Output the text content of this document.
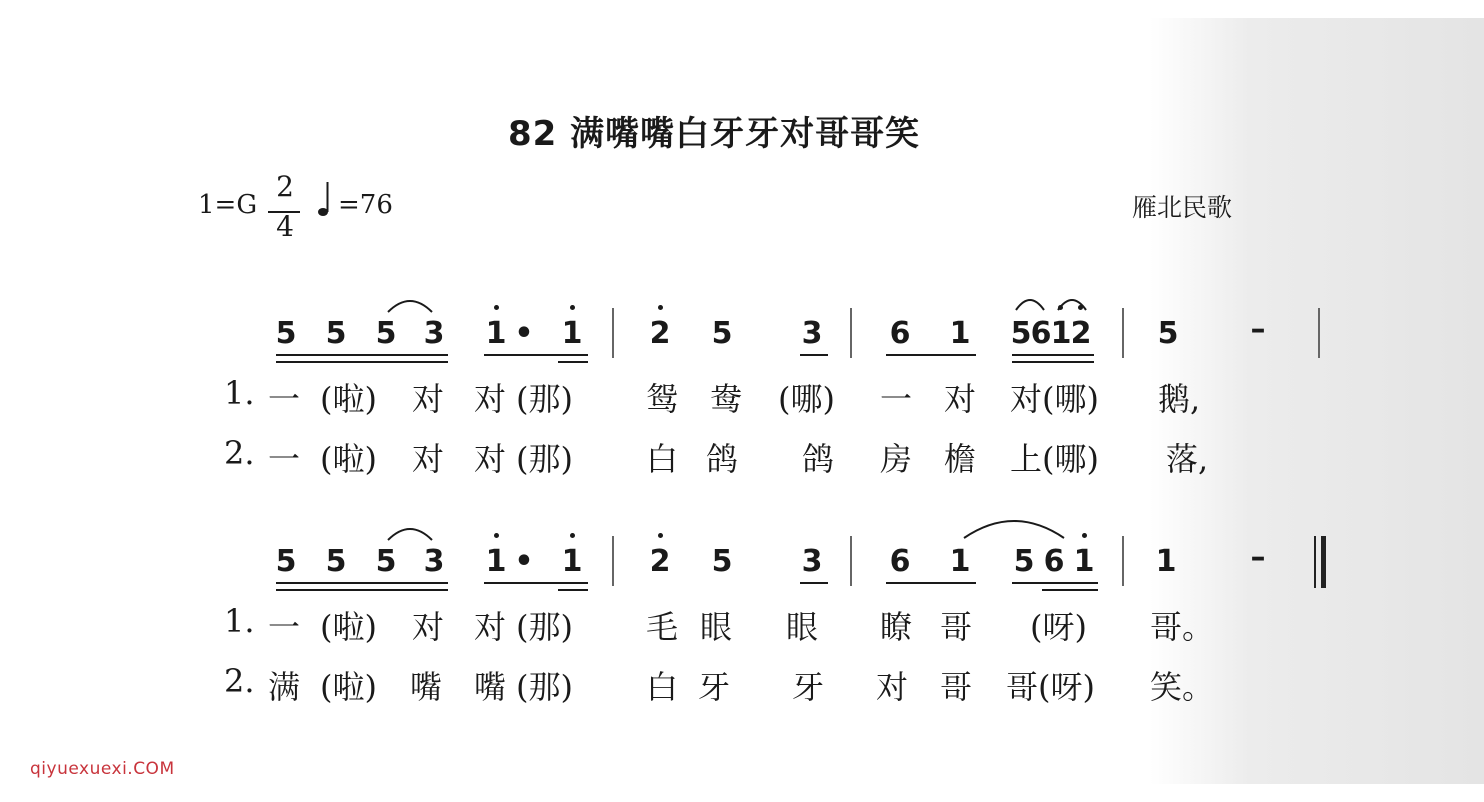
82 满嘴嘴白牙牙对哥哥笑
1=G
2
4
=76	雁北民歌
5 5 5 3 1 • 1 2 5 3 6 1 5 6 1 2 5 –
1. 一 (啦) 对 对 (那) 鸳 鸯 (哪) 一 对 对(哪) 鹅,
2. 一 (啦) 对 对 (那) 白 鸽 鸽 房 檐 上(哪) 落,
5 5 5 3 1 • 1 2 5 3 6 1 5 6 1 1 –
1. 一 (啦) 对 对 (那) 毛 眼 眼 瞭 哥 (呀) 哥。
2. 满 (啦) 嘴 嘴 (那) 白 牙 牙 对 哥 哥(呀) 笑。
qiyuexuexi.COM
